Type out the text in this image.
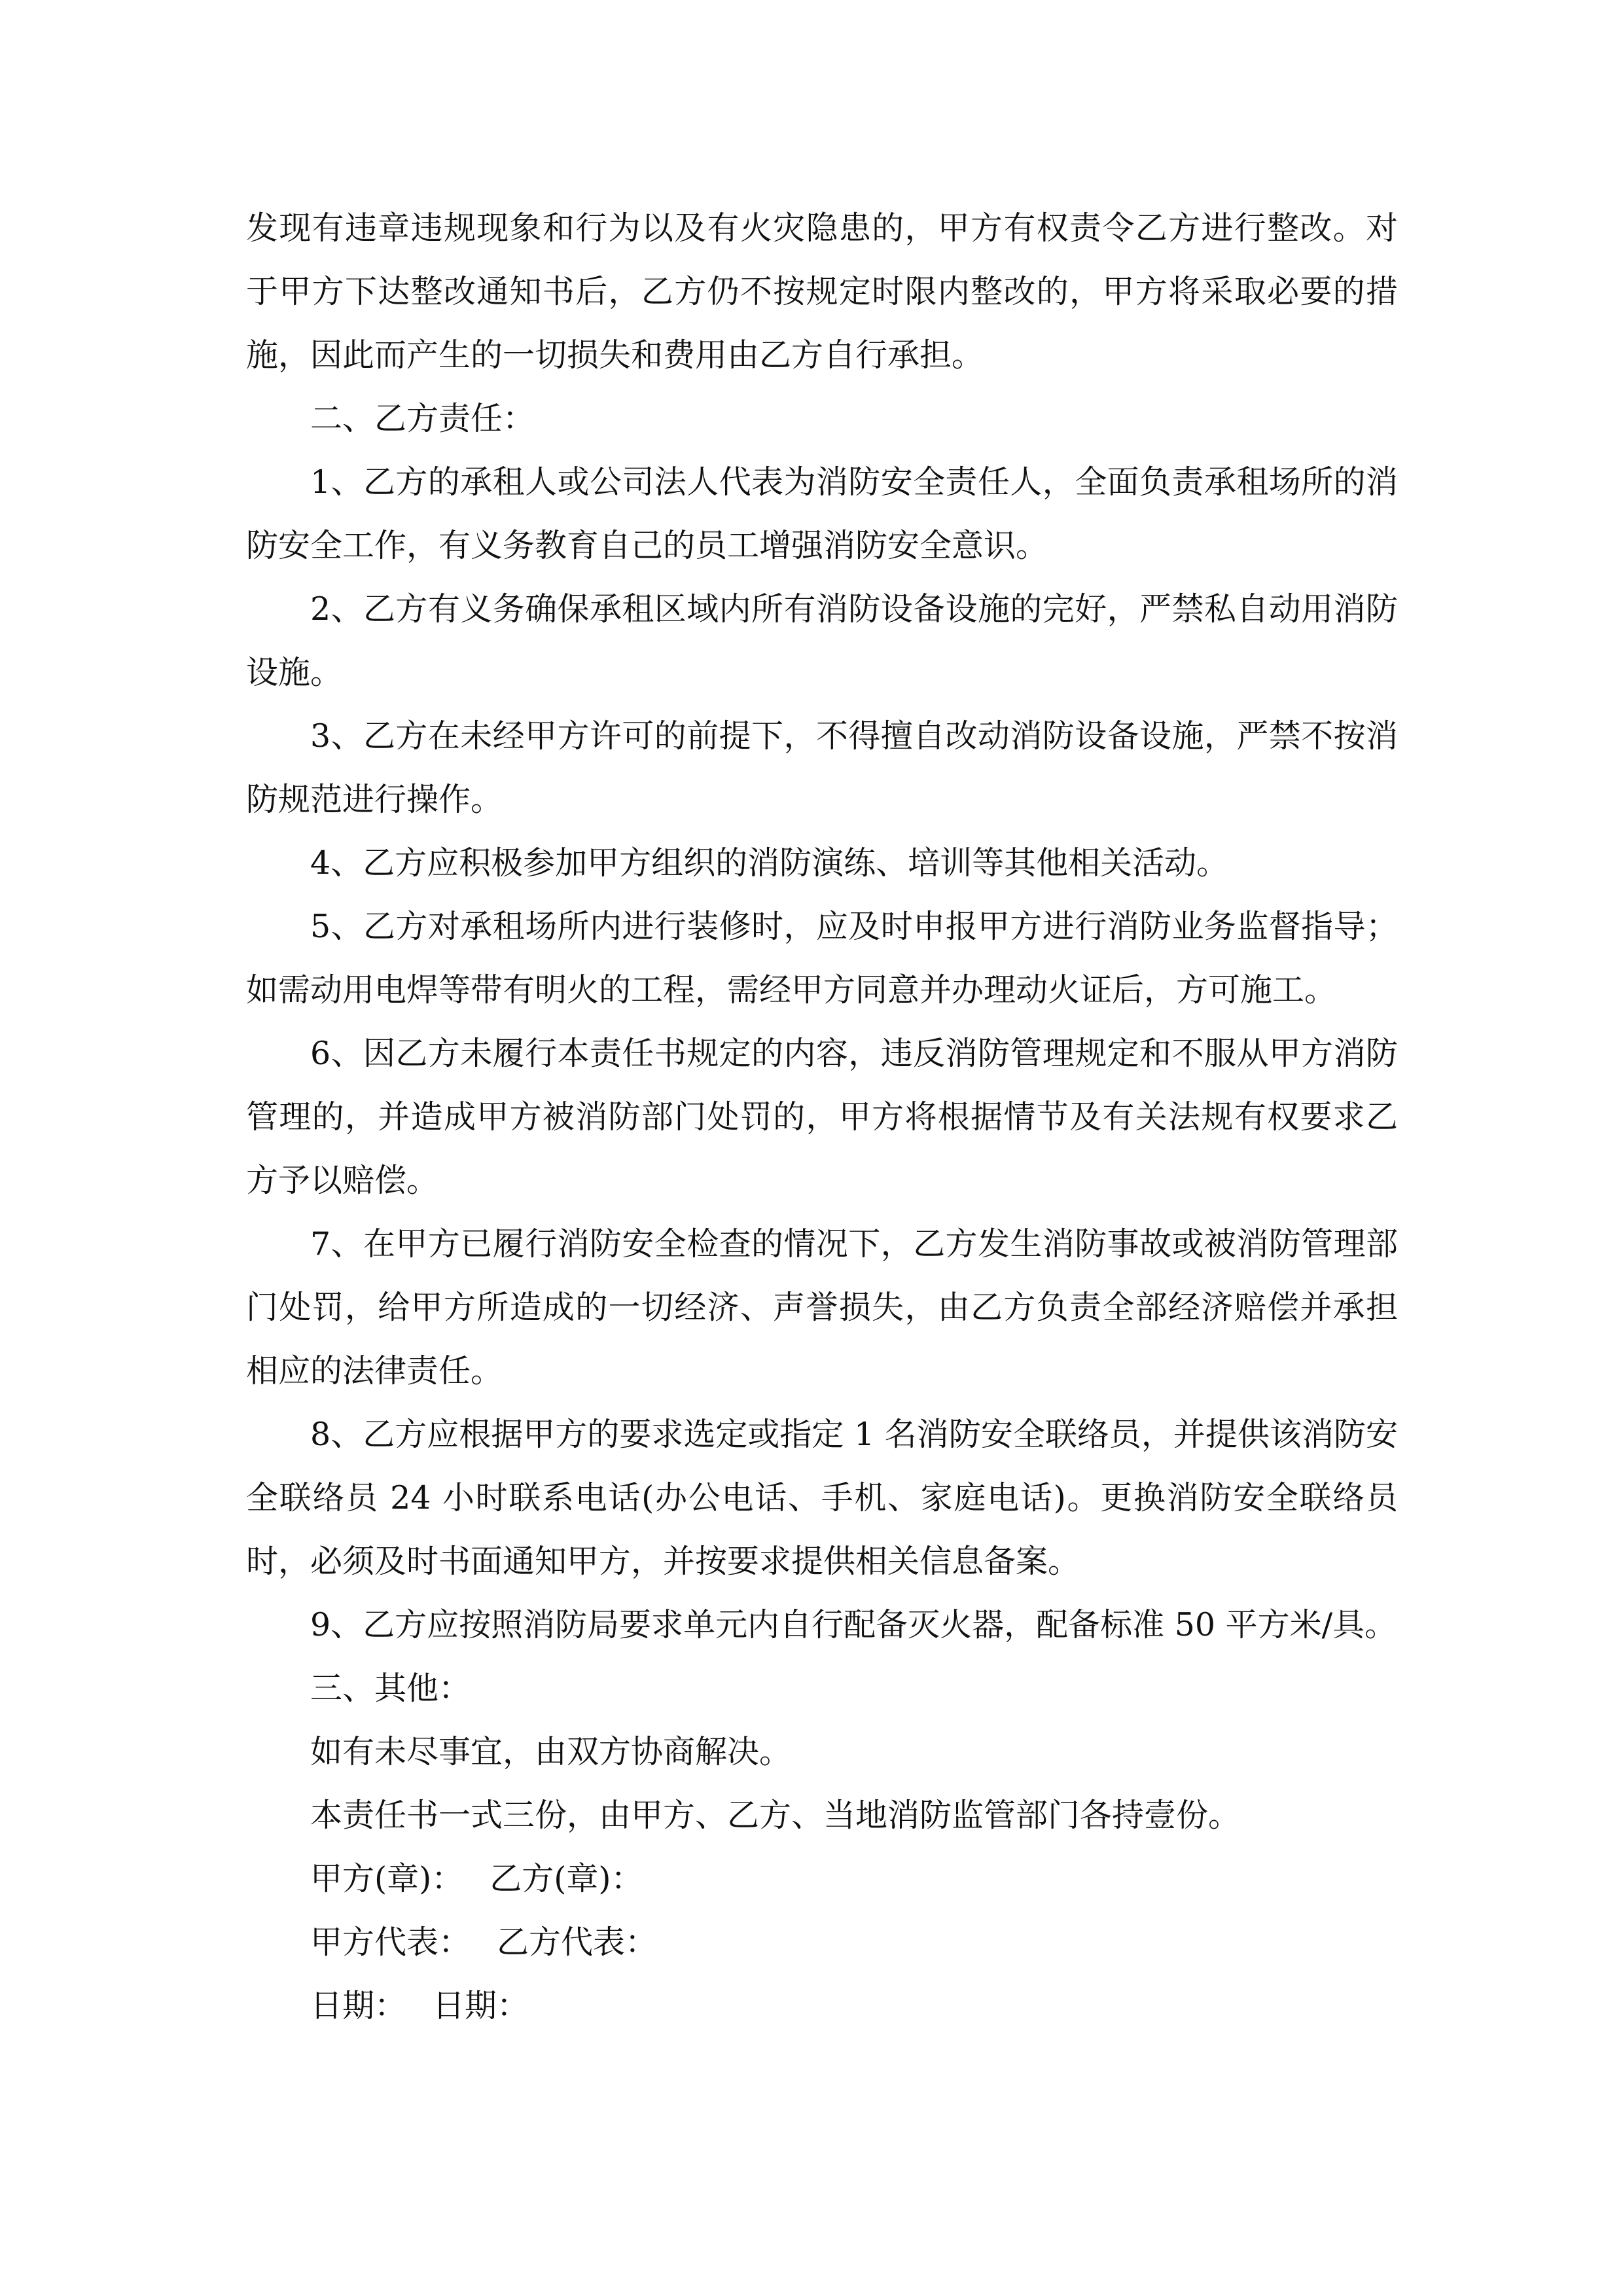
发现有违章违规现象和行为以及有火灾隐患的，甲方有权责令乙方进行整改。对于甲方下达整改通知书后，乙方仍不按规定时限内整改的，甲方将采取必要的措施，因此而产生的一切损失和费用由乙方自行承担。

二、乙方责任：

1、乙方的承租人或公司法人代表为消防安全责任人，全面负责承租场所的消防安全工作，有义务教育自己的员工增强消防安全意识。

2、乙方有义务确保承租区域内所有消防设备设施的完好，严禁私自动用消防设施。

3、乙方在未经甲方许可的前提下，不得擅自改动消防设备设施，严禁不按消防规范进行操作。

4、乙方应积极参加甲方组织的消防演练、培训等其他相关活动。

5、乙方对承租场所内进行装修时，应及时申报甲方进行消防业务监督指导；如需动用电焊等带有明火的工程，需经甲方同意并办理动火证后，方可施工。

6、因乙方未履行本责任书规定的内容，违反消防管理规定和不服从甲方消防管理的，并造成甲方被消防部门处罚的，甲方将根据情节及有关法规有权要求乙方予以赔偿。

7、在甲方已履行消防安全检查的情况下，乙方发生消防事故或被消防管理部门处罚，给甲方所造成的一切经济、声誉损失，由乙方负责全部经济赔偿并承担相应的法律责任。

8、乙方应根据甲方的要求选定或指定 1 名消防安全联络员，并提供该消防安全联络员 24 小时联系电话(办公电话、手机、家庭电话)。更换消防安全联络员时，必须及时书面通知甲方，并按要求提供相关信息备案。

9、乙方应按照消防局要求单元内自行配备灭火器，配备标准 50 平方米/具。

三、其他：

如有未尽事宜，由双方协商解决。

本责任书一式三份，由甲方、乙方、当地消防监管部门各持壹份。

甲方(章)： 乙方(章)：

甲方代表： 乙方代表：

日期： 日期：
